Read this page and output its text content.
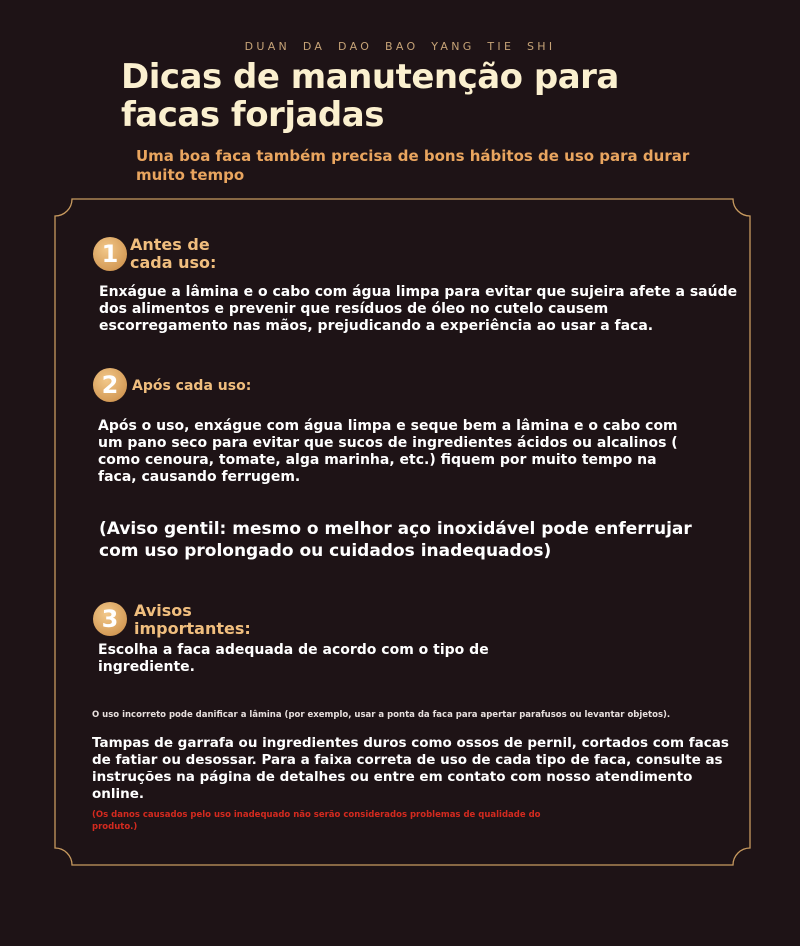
DUAN DA DAO BAO YANG TIE SHI
Dicas de manutenção para facas forjadas
Uma boa faca também precisa de bons hábitos de uso para durar muito tempo
1 Antes de cada uso:
Enxágue a lâmina e o cabo com água limpa para evitar que sujeira afete a saúde dos alimentos e prevenir que resíduos de óleo no cutelo causem escorregamento nas mãos, prejudicando a experiência ao usar a faca.
2 Após cada uso:
Após o uso, enxágue com água limpa e seque bem a lâmina e o cabo com um pano seco para evitar que sucos de ingredientes ácidos ou alcalinos ( como cenoura, tomate, alga marinha, etc.) fiquem por muito tempo na faca, causando ferrugem.
(Aviso gentil: mesmo o melhor aço inoxidável pode enferrujar com uso prolongado ou cuidados inadequados)
3 Avisos importantes:
Escolha a faca adequada de acordo com o tipo de ingrediente.
O uso incorreto pode danificar a lâmina (por exemplo, usar a ponta da faca para apertar parafusos ou levantar objetos).
Tampas de garrafa ou ingredientes duros como ossos de pernil, cortados com facas de fatiar ou desossar. Para a faixa correta de uso de cada tipo de faca, consulte as instruções na página de detalhes ou entre em contato com nosso atendimento online.
(Os danos causados pelo uso inadequado não serão considerados problemas de qualidade do produto.)
